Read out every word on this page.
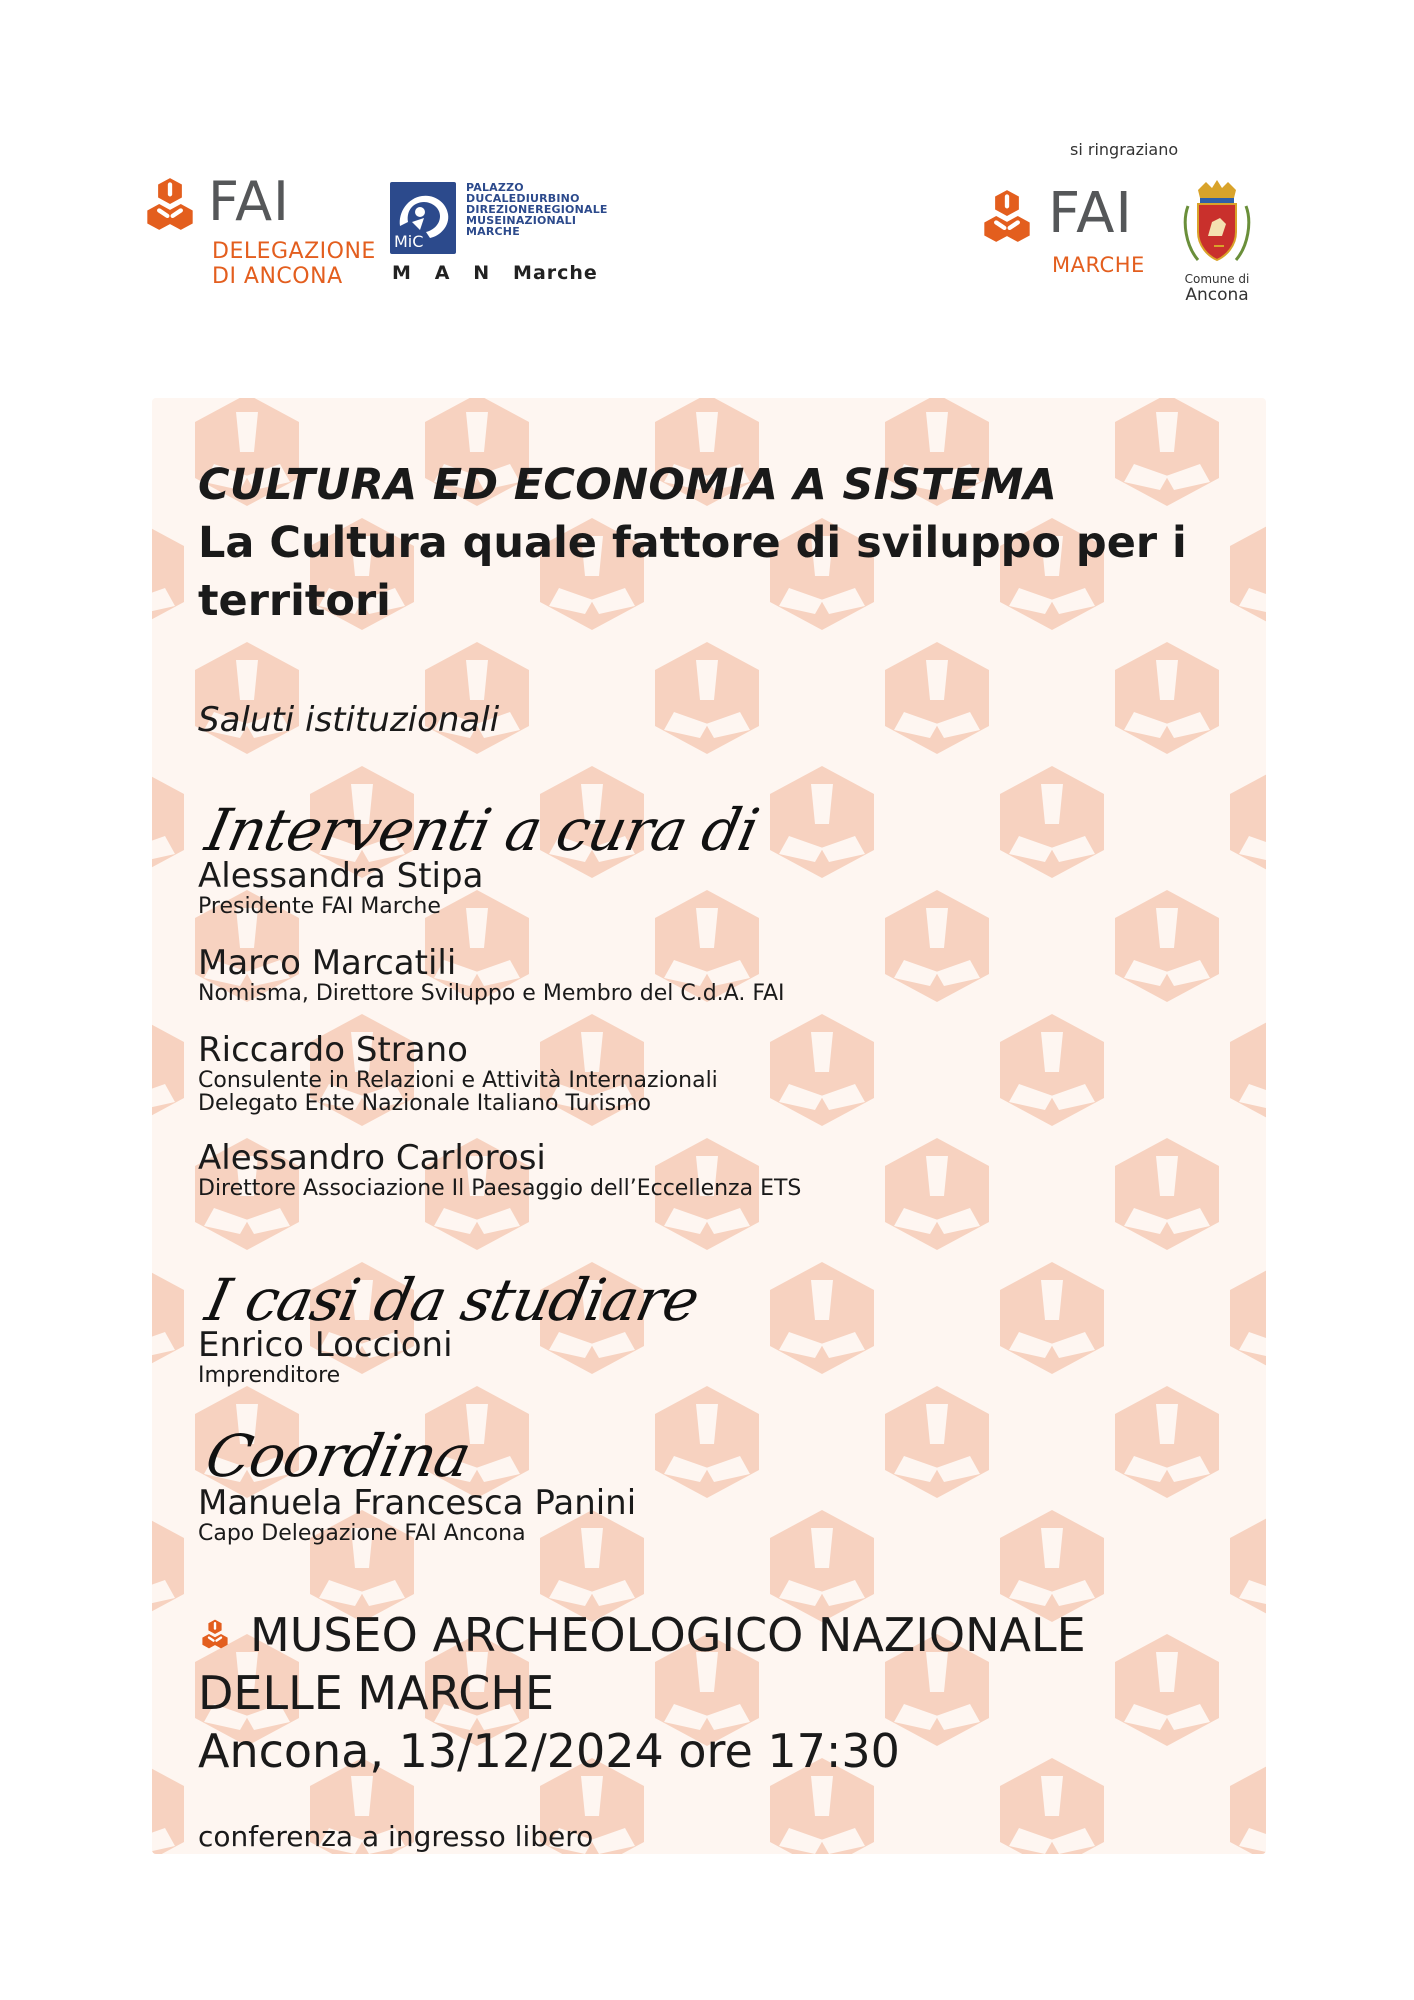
FAI
DELEGAZIONE
DI ANCONA
MiC
PALAZZO
DUCALEDIURBINO
DIREZIONEREGIONALE
MUSEINAZIONALI
MARCHE
M   A   N   Marche
si ringraziano
FAI
MARCHE
Comune di
Ancona
CULTURA ED ECONOMIA A SISTEMA
La Cultura quale fattore di sviluppo per i territori
Saluti istituzionali
Interventi a cura di
Alessandra Stipa
Presidente FAI Marche
Marco Marcatili
Nomisma, Direttore Sviluppo e Membro del C.d.A. FAI
Riccardo Strano
Consulente in Relazioni e Attività Internazionali
Delegato Ente Nazionale Italiano Turismo
Alessandro Carlorosi
Direttore Associazione Il Paesaggio dell’Eccellenza ETS
I casi da studiare
Enrico Loccioni
Imprenditore
Coordina
Manuela Francesca Panini
Capo Delegazione FAI Ancona
MUSEO ARCHEOLOGICO NAZIONALE
DELLE MARCHE
Ancona, 13/12/2024 ore 17:30
conferenza a ingresso libero
